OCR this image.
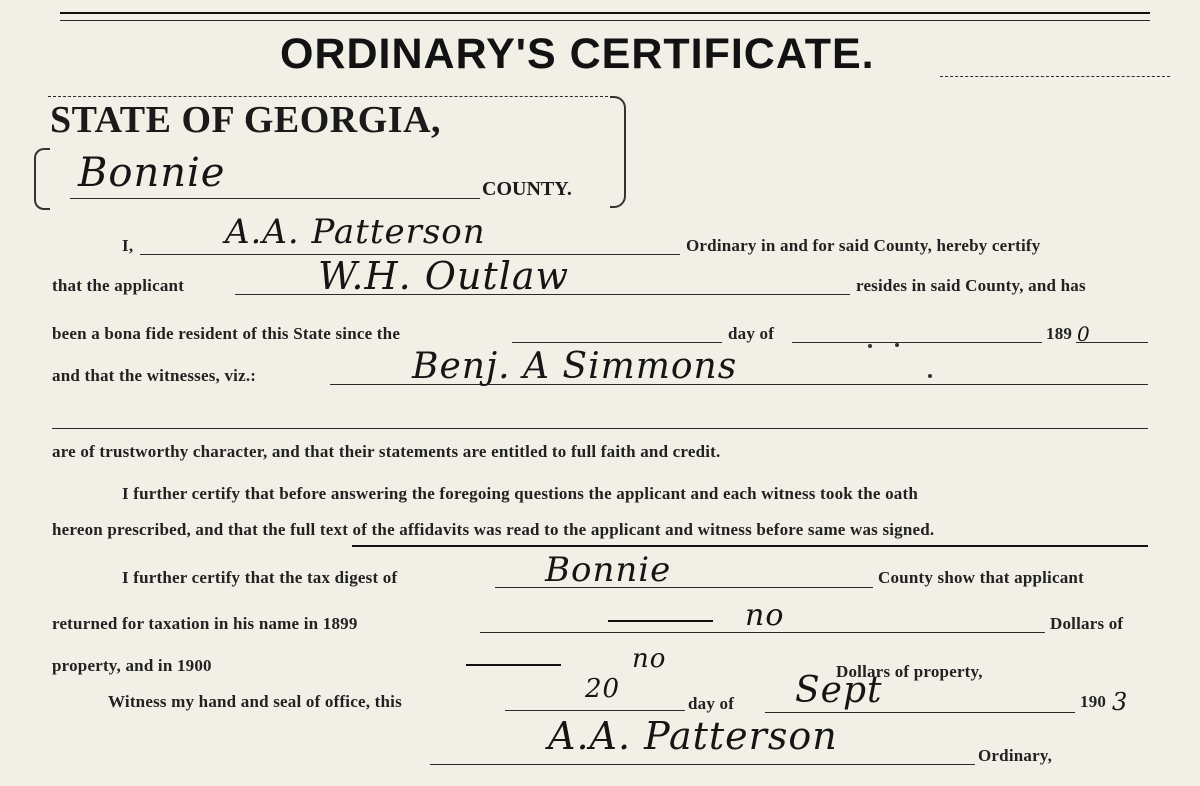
ORDINARY'S CERTIFICATE.
STATE OF GEORGIA,
Bonnie	COUNTY.
I,	A.A. Patterson	Ordinary in and for said County, hereby certify
that the applicant	W.H. Outlaw	resides in said County, and has
been a bona fide resident of this State since the	day of	189 0
and that the witnesses, viz.:	Benj. A Simmons
are of trustworthy character, and that their statements are entitled to full faith and credit.
I further certify that before answering the foregoing questions the applicant and each witness took the oath
hereon prescribed, and that the full text of the affidavits was read to the applicant and witness before same was signed.
I further certify that the tax digest of	Bonnie	County show that applicant
returned for taxation in his name in 1899	no	Dollars of
property, and in 1900	no	Dollars of property,
Witness my hand and seal of office, this	20	day of Sept	190 3
A.A. Patterson	Ordinary,
